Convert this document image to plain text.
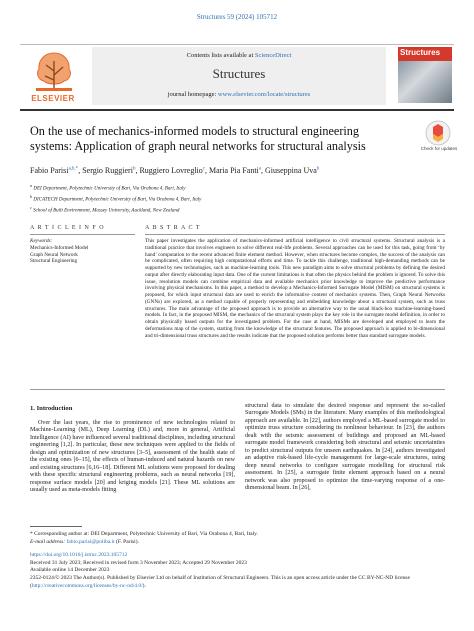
Structures 59 (2024) 105712
ELSEVIER
Contents lists available at ScienceDirect
Structures
journal homepage: www.elsevier.com/locate/structures
Structures
On the use of mechanics-informed models to structural engineering
systems: Application of graph neural networks for structural analysis	Check for updates
Fabio Parisi$^{a,b,*}$, Sergio Ruggieri$^b$, Ruggiero Lovreglio$^c$, Maria Pia Fanti$^a$, Giuseppina Uva$^b$
$^a$ DEI Department, Polytechnic University of Bari, Via Orabona 4, Bari, Italy
$^b$ DICATECH Department, Polytechnic University of Bari, Via Orabona 4, Bari, Italy
$^c$ School of Built Environment, Massey University, Auckland, New Zealand
A R T I C L E I N F O	A B S T R A C T
Keywords:
Mechanics-Informed Model
Graph Neural Network
Structural Engineering
This paper investigates the application of mechanics-informed artificial intelligence to civil structural systems. Structural analysis is a traditional practice that involves engineers to solve different real-life problems. Several approaches can be used for this task, going from ‘by hand’ computation to the recent advanced finite element method. However, when structures become complex, the success of the analysis can be complicated, often requiring high computational efforts and time. To tackle this challenge, traditional high-demanding methods can be supported by new technologies, such as machine-learning tools. This new paradigm aims to solve structural problems by defining the desired output after directly elaborating input data. One of the current limitations is that often the physics behind the problem is ignored. To solve this issue, resolution models can combine empirical data and available mechanics prior knowledge to improve the predictive performance involving physical mechanisms. In this paper, a method to develop a Mechanics-Informed Surrogate Model (MISM) on structural systems is proposed, for which input structural data are used to enrich the informative content of mechanics systems. Then, Graph Neural Networks (GNNs) are explored, as a method capable of properly representing and embedding knowledge about a structural system, such as truss structures. The main advantage of the proposed approach is to provide an alternative way to the usual black-box machine-learning-based models. In fact, in the proposed MISM, the mechanics of the structural system plays the key role in the surrogate model definition, in order to obtain physically based outputs for the investigated problem. For the case at hand, MISMs are developed and employed to learn the deformations map of the system, starting from the knowledge of the structural features. The proposed approach is applied to bi-dimensional and tri-dimensional truss structures and the results indicate that the proposed solution performs better than standard surrogate models.
1. Introduction
Over the last years, the rise to prominence of new technologies related to Machine-Learning (ML), Deep Learning (DL) and, more in general, Artificial Intelligence (AI) have influenced several traditional disciplines, including structural engineering [1,2]. In particular, these new techniques were applied to the fields of design and optimization of new structures [3–5], assessment of the health state of the existing ones [6–15], the effects of human-induced and natural hazards on new and existing structures [6,16–18]. Different ML solutions were proposed for dealing with these specific structural engineering problems, such as neural networks [19], response surface models [20] and kriging models [21]. These ML solutions are usually used as meta-models fitting
structural data to simulate the desired response and represent the so-called Surrogate Models (SMs) in the literature. Many examples of this methodological approach are available. In [22], authors employed a ML-based surrogate model to optimize truss structure considering its nonlinear behaviour. In [23], the authors dealt with the seismic assessment of buildings and proposed an ML-based surrogate model framework considering both structural and seismic uncertainties to predict structural outputs for unseen earthquakes. In [24], authors investigated an adaptive risk-based life-cycle management for large-scale structures, using deep neural networks to configure surrogate modelling for structural risk assessment. In [25], a surrogate finite element approach based on a neural network was also proposed to optimize the time-varying response of a one-dimensional beam. In [26],
* Corresponding author at: DEI Department, Polytechnic University of Bari, Via Orabona 4, Bari, Italy.
E-mail address: fabio.parisi@poliba.it (F. Parisi).
https://doi.org/10.1016/j.istruc.2023.105712
Received 31 July 2023; Received in revised form 3 November 2023; Accepted 29 November 2023
Available online 14 December 2023
2352-0124/© 2023 The Author(s). Published by Elsevier Ltd on behalf of Institution of Structural Engineers. This is an open access article under the CC BY-NC-ND license (http://creativecommons.org/licenses/by-nc-nd/4.0/).
